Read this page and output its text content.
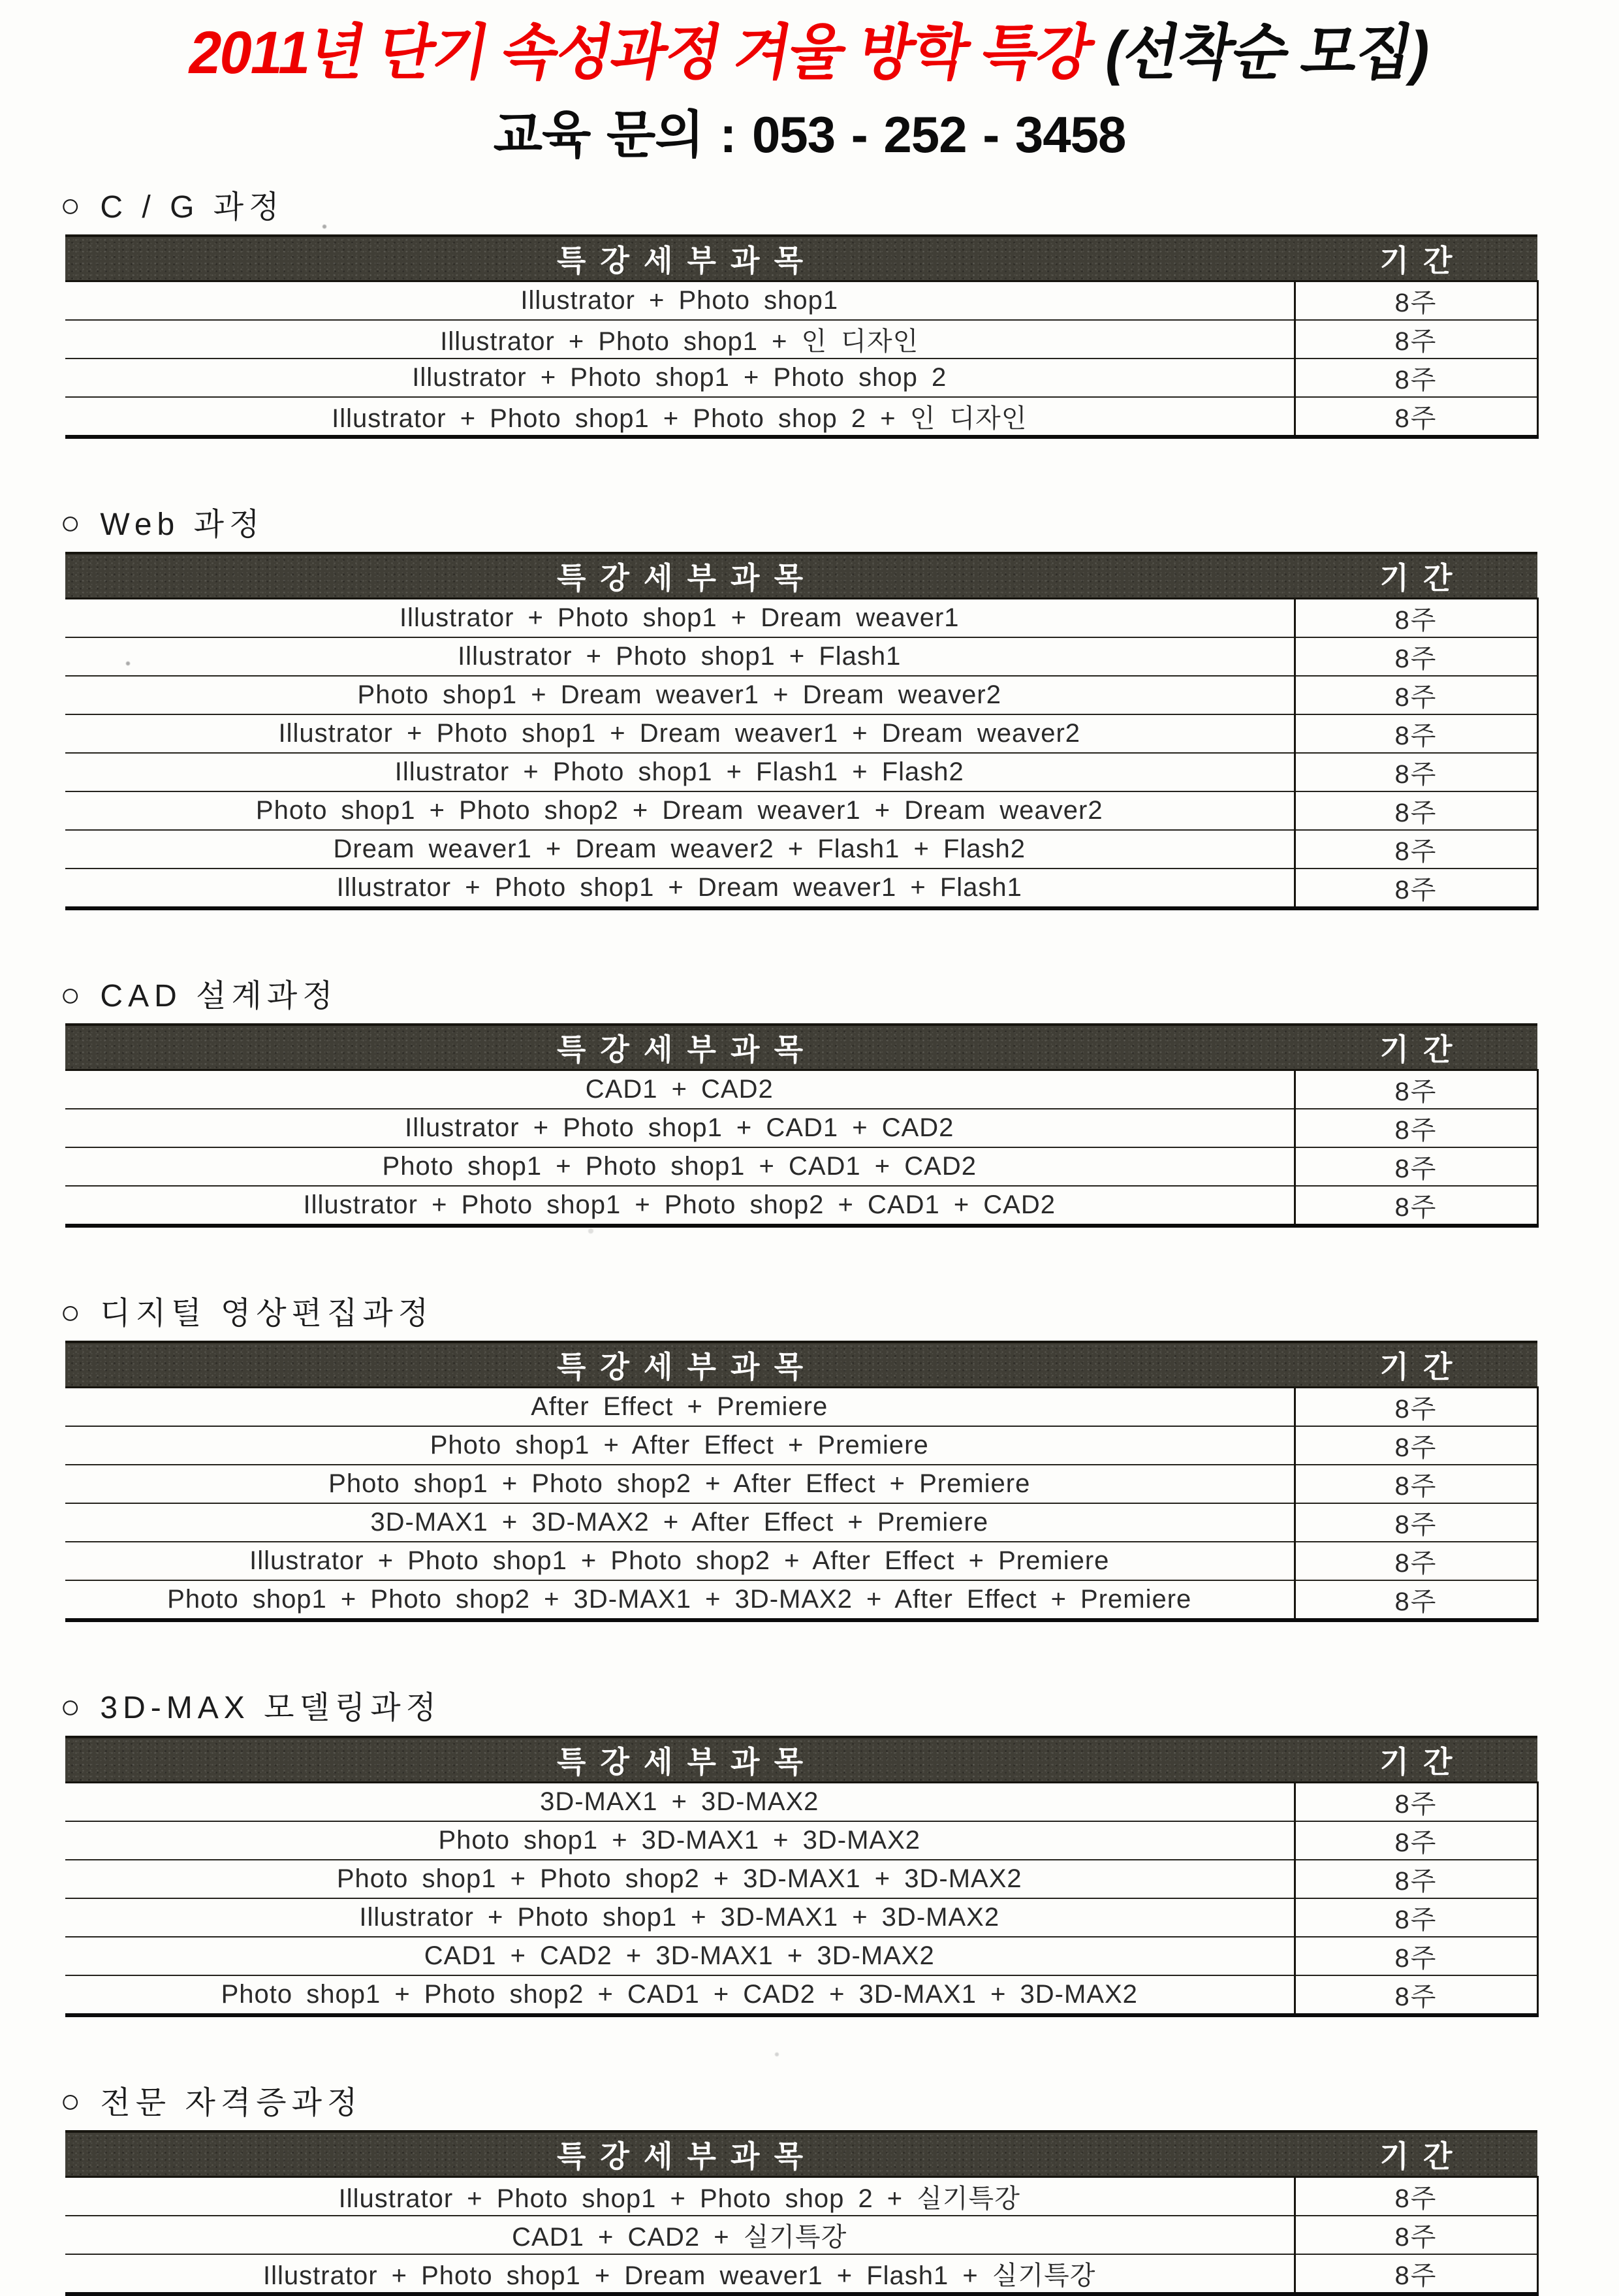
2011년 단기 속성과정 겨울 방학 특강 (선착순 모집)
교육 문의 : 053 - 252 - 3458
○ C / G 과정
특강세부과목	기간
Illustrator + Photo shop1	8주
Illustrator + Photo shop1 + 인 디자인	8주
Illustrator + Photo shop1 + Photo shop 2	8주
Illustrator + Photo shop1 + Photo shop 2 + 인 디자인	8주
○ Web 과정
특강세부과목	기간
Illustrator + Photo shop1 + Dream weaver1	8주
Illustrator + Photo shop1 + Flash1	8주
Photo shop1 + Dream weaver1 + Dream weaver2	8주
Illustrator + Photo shop1 + Dream weaver1 + Dream weaver2	8주
Illustrator + Photo shop1 + Flash1 + Flash2	8주
Photo shop1 + Photo shop2 + Dream weaver1 + Dream weaver2	8주
Dream weaver1 + Dream weaver2 + Flash1 + Flash2	8주
Illustrator + Photo shop1 + Dream weaver1 + Flash1	8주
○ CAD 설계과정
특강세부과목	기간
CAD1 + CAD2	8주
Illustrator + Photo shop1 + CAD1 + CAD2	8주
Photo shop1 + Photo shop1 + CAD1 + CAD2	8주
Illustrator + Photo shop1 + Photo shop2 + CAD1 + CAD2	8주
○ 디지털 영상편집과정
특강세부과목	기간
After Effect + Premiere	8주
Photo shop1 + After Effect + Premiere	8주
Photo shop1 + Photo shop2 + After Effect + Premiere	8주
3D-MAX1 + 3D-MAX2 + After Effect + Premiere	8주
Illustrator + Photo shop1 + Photo shop2 + After Effect + Premiere	8주
Photo shop1 + Photo shop2 + 3D-MAX1 + 3D-MAX2 + After Effect + Premiere	8주
○ 3D-MAX 모델링과정
특강세부과목	기간
3D-MAX1 + 3D-MAX2	8주
Photo shop1 + 3D-MAX1 + 3D-MAX2	8주
Photo shop1 + Photo shop2 + 3D-MAX1 + 3D-MAX2	8주
Illustrator + Photo shop1 + 3D-MAX1 + 3D-MAX2	8주
CAD1 + CAD2 + 3D-MAX1 + 3D-MAX2	8주
Photo shop1 + Photo shop2 + CAD1 + CAD2 + 3D-MAX1 + 3D-MAX2	8주
○ 전문 자격증과정
특강세부과목	기간
Illustrator + Photo shop1 + Photo shop 2 + 실기특강	8주
CAD1 + CAD2 + 실기특강	8주
Illustrator + Photo shop1 + Dream weaver1 + Flash1 + 실기특강	8주
